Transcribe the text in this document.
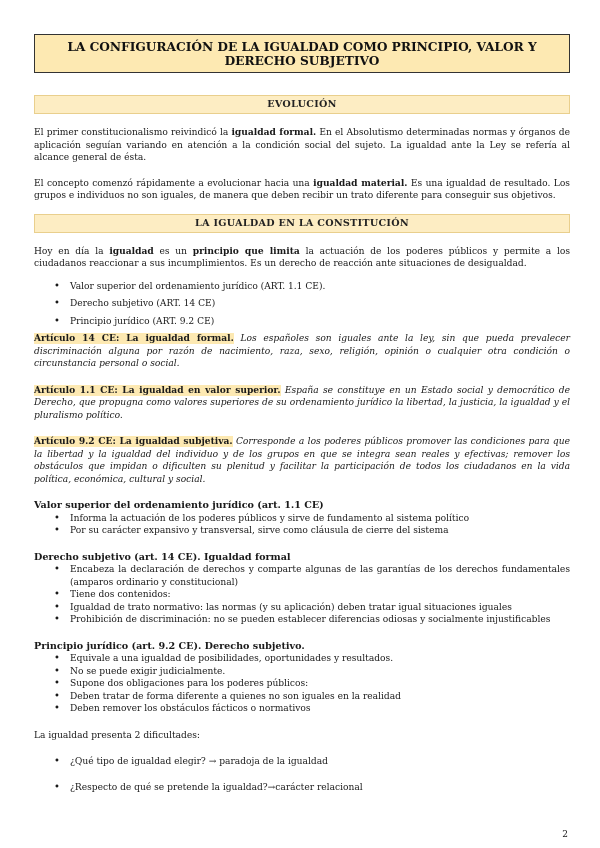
LA CONFIGURACIÓN DE LA IGUALDAD COMO PRINCIPIO, VALOR Y DERECHO SUBJETIVO
EVOLUCIÓN

El primer constitucionalismo reivindicó la igualdad formal. En el Absolutismo determinadas normas y órganos de aplicación seguían variando en atención a la condición social del sujeto. La igualdad ante la Ley se refería al alcance general de ésta.

El concepto comenzó rápidamente a evolucionar hacia una igualdad material. Es una igualdad de resultado. Los grupos e individuos no son iguales, de manera que deben recibir un trato diferente para conseguir sus objetivos.

LA IGUALDAD EN LA CONSTITUCIÓN

Hoy en día la igualdad es un principio que limita la actuación de los poderes públicos y permite a los ciudadanos reaccionar a sus incumplimientos. Es un derecho de reacción ante situaciones de desigualdad.

• Valor superior del ordenamiento jurídico (ART. 1.1 CE).
• Derecho subjetivo (ART. 14 CE)
• Principio jurídico (ART. 9.2 CE)

Artículo 14 CE: La igualdad formal. Los españoles son iguales ante la ley, sin que pueda prevalecer discriminación alguna por razón de nacimiento, raza, sexo, religión, opinión o cualquier otra condición o circunstancia personal o social.

Artículo 1.1 CE: La igualdad en valor superior. España se constituye en un Estado social y democrático de Derecho, que propugna como valores superiores de su ordenamiento jurídico la libertad, la justicia, la igualdad y el pluralismo político.

Artículo 9.2 CE: La igualdad subjetiva. Corresponde a los poderes públicos promover las condiciones para que la libertad y la igualdad del individuo y de los grupos en que se integra sean reales y efectivas; remover los obstáculos que impidan o dificulten su plenitud y facilitar la participación de todos los ciudadanos en la vida política, económica, cultural y social.

Valor superior del ordenamiento jurídico (art. 1.1 CE)
• Informa la actuación de los poderes públicos y sirve de fundamento al sistema político
• Por su carácter expansivo y transversal, sirve como cláusula de cierre del sistema
Derecho subjetivo (art. 14 CE). Igualdad formal
• Encabeza la declaración de derechos y comparte algunas de las garantías de los derechos fundamentales (amparos ordinario y constitucional)
• Tiene dos contenidos:
• Igualdad de trato normativo: las normas (y su aplicación) deben tratar igual situaciones iguales
• Prohibición de discriminación: no se pueden establecer diferencias odiosas y socialmente injustificables
Principio jurídico (art. 9.2 CE). Derecho subjetivo.
• Equivale a una igualdad de posibilidades, oportunidades y resultados.
• No se puede exigir judicialmente.
• Supone dos obligaciones para los poderes públicos:
• Deben tratar de forma diferente a quienes no son iguales en la realidad
• Deben remover los obstáculos fácticos o normativos

La igualdad presenta 2 dificultades:

• ¿Qué tipo de igualdad elegir? → paradoja de la igualdad
• ¿Respecto de qué se pretende la igualdad?→carácter relacional
2
